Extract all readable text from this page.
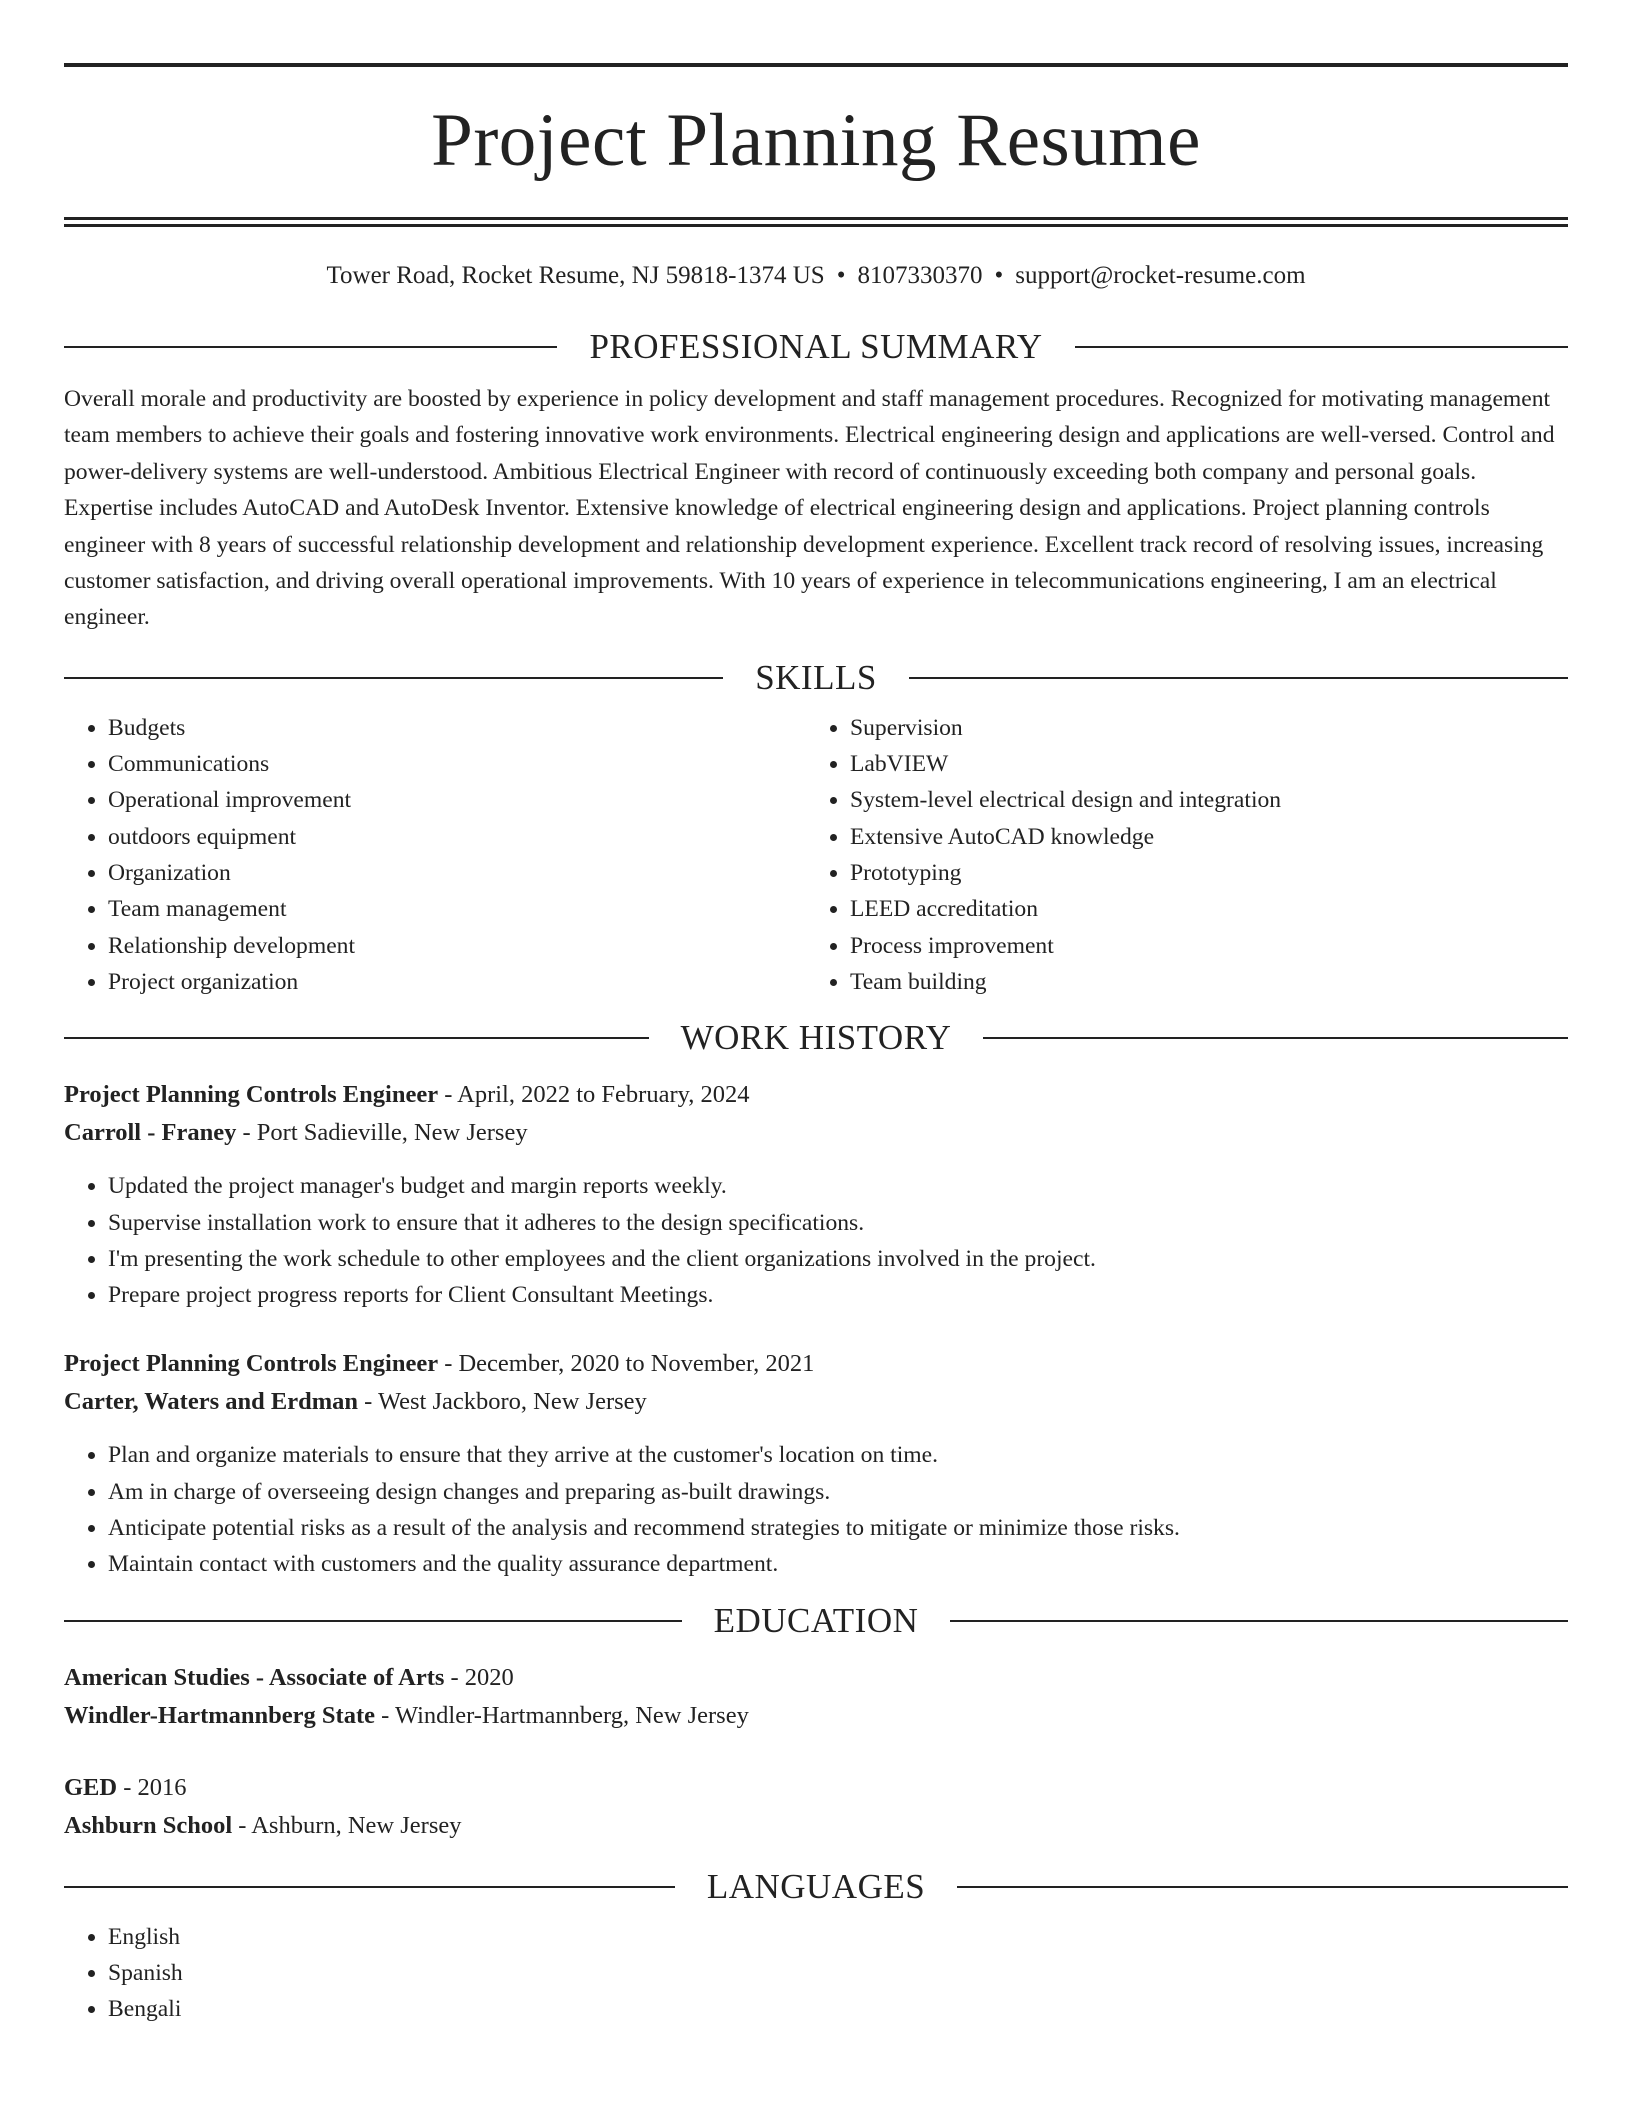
Project Planning Resume
Tower Road, Rocket Resume, NJ 59818-1374 US • 8107330370 • support@rocket-resume.com
PROFESSIONAL SUMMARY
Overall morale and productivity are boosted by experience in policy development and staff management procedures. Recognized for motivating management team members to achieve their goals and fostering innovative work environments. Electrical engineering design and applications are well-versed. Control and power-delivery systems are well-understood. Ambitious Electrical Engineer with record of continuously exceeding both company and personal goals. Expertise includes AutoCAD and AutoDesk Inventor. Extensive knowledge of electrical engineering design and applications. Project planning controls engineer with 8 years of successful relationship development and relationship development experience. Excellent track record of resolving issues, increasing customer satisfaction, and driving overall operational improvements. With 10 years of experience in telecommunications engineering, I am an electrical engineer.
SKILLS
• Budgets
• Communications
• Operational improvement
• outdoors equipment
• Organization
• Team management
• Relationship development
• Project organization
• Supervision
• LabVIEW
• System-level electrical design and integration
• Extensive AutoCAD knowledge
• Prototyping
• LEED accreditation
• Process improvement
• Team building
WORK HISTORY
Project Planning Controls Engineer - April, 2022 to February, 2024
Carroll - Franey - Port Sadieville, New Jersey
• Updated the project manager's budget and margin reports weekly.
• Supervise installation work to ensure that it adheres to the design specifications.
• I'm presenting the work schedule to other employees and the client organizations involved in the project.
• Prepare project progress reports for Client Consultant Meetings.
Project Planning Controls Engineer - December, 2020 to November, 2021
Carter, Waters and Erdman - West Jackboro, New Jersey
• Plan and organize materials to ensure that they arrive at the customer's location on time.
• Am in charge of overseeing design changes and preparing as-built drawings.
• Anticipate potential risks as a result of the analysis and recommend strategies to mitigate or minimize those risks.
• Maintain contact with customers and the quality assurance department.
EDUCATION
American Studies - Associate of Arts - 2020
Windler-Hartmannberg State - Windler-Hartmannberg, New Jersey
GED - 2016
Ashburn School - Ashburn, New Jersey
LANGUAGES
• English
• Spanish
• Bengali
